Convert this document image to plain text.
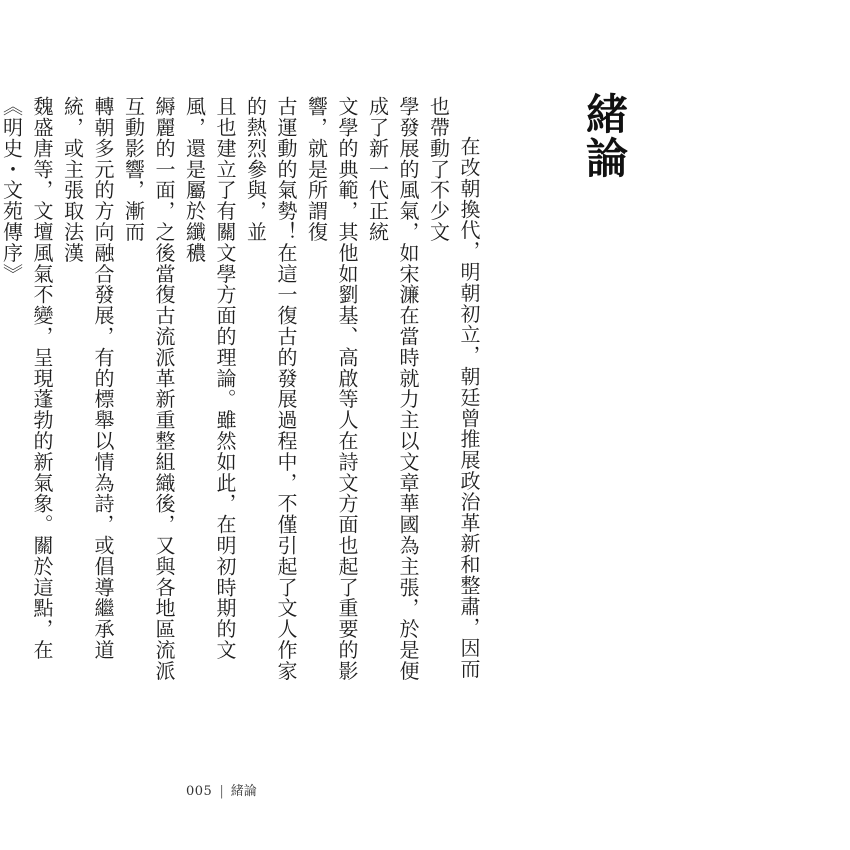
緒論
在改朝換代，明朝初立，朝廷曾推展政治革新和整肅，因而也帶動了不少文
學發展的風氣，如宋濂在當時就力主以文章華國為主張，於是便成了新一代正統
文學的典範，其他如劉基、高啟等人在詩文方面也起了重要的影響，就是所謂復
古運動的氣勢！在這一復古的發展過程中，不僅引起了文人作家的熱烈參與，並
且也建立了有關文學方面的理論。雖然如此，在明初時期的文風，還是屬於纖穠
縟麗的一面，之後當復古流派革新重整組織後，又與各地區流派互動影響，漸而
轉朝多元的方向融合發展，有的標舉以情為詩，或倡導繼承道統，或主張取法漢
魏盛唐等，文壇風氣不變，呈現蓬勃的新氣象。關於這點，在《明史・文苑傳序》
005 | 緒論
